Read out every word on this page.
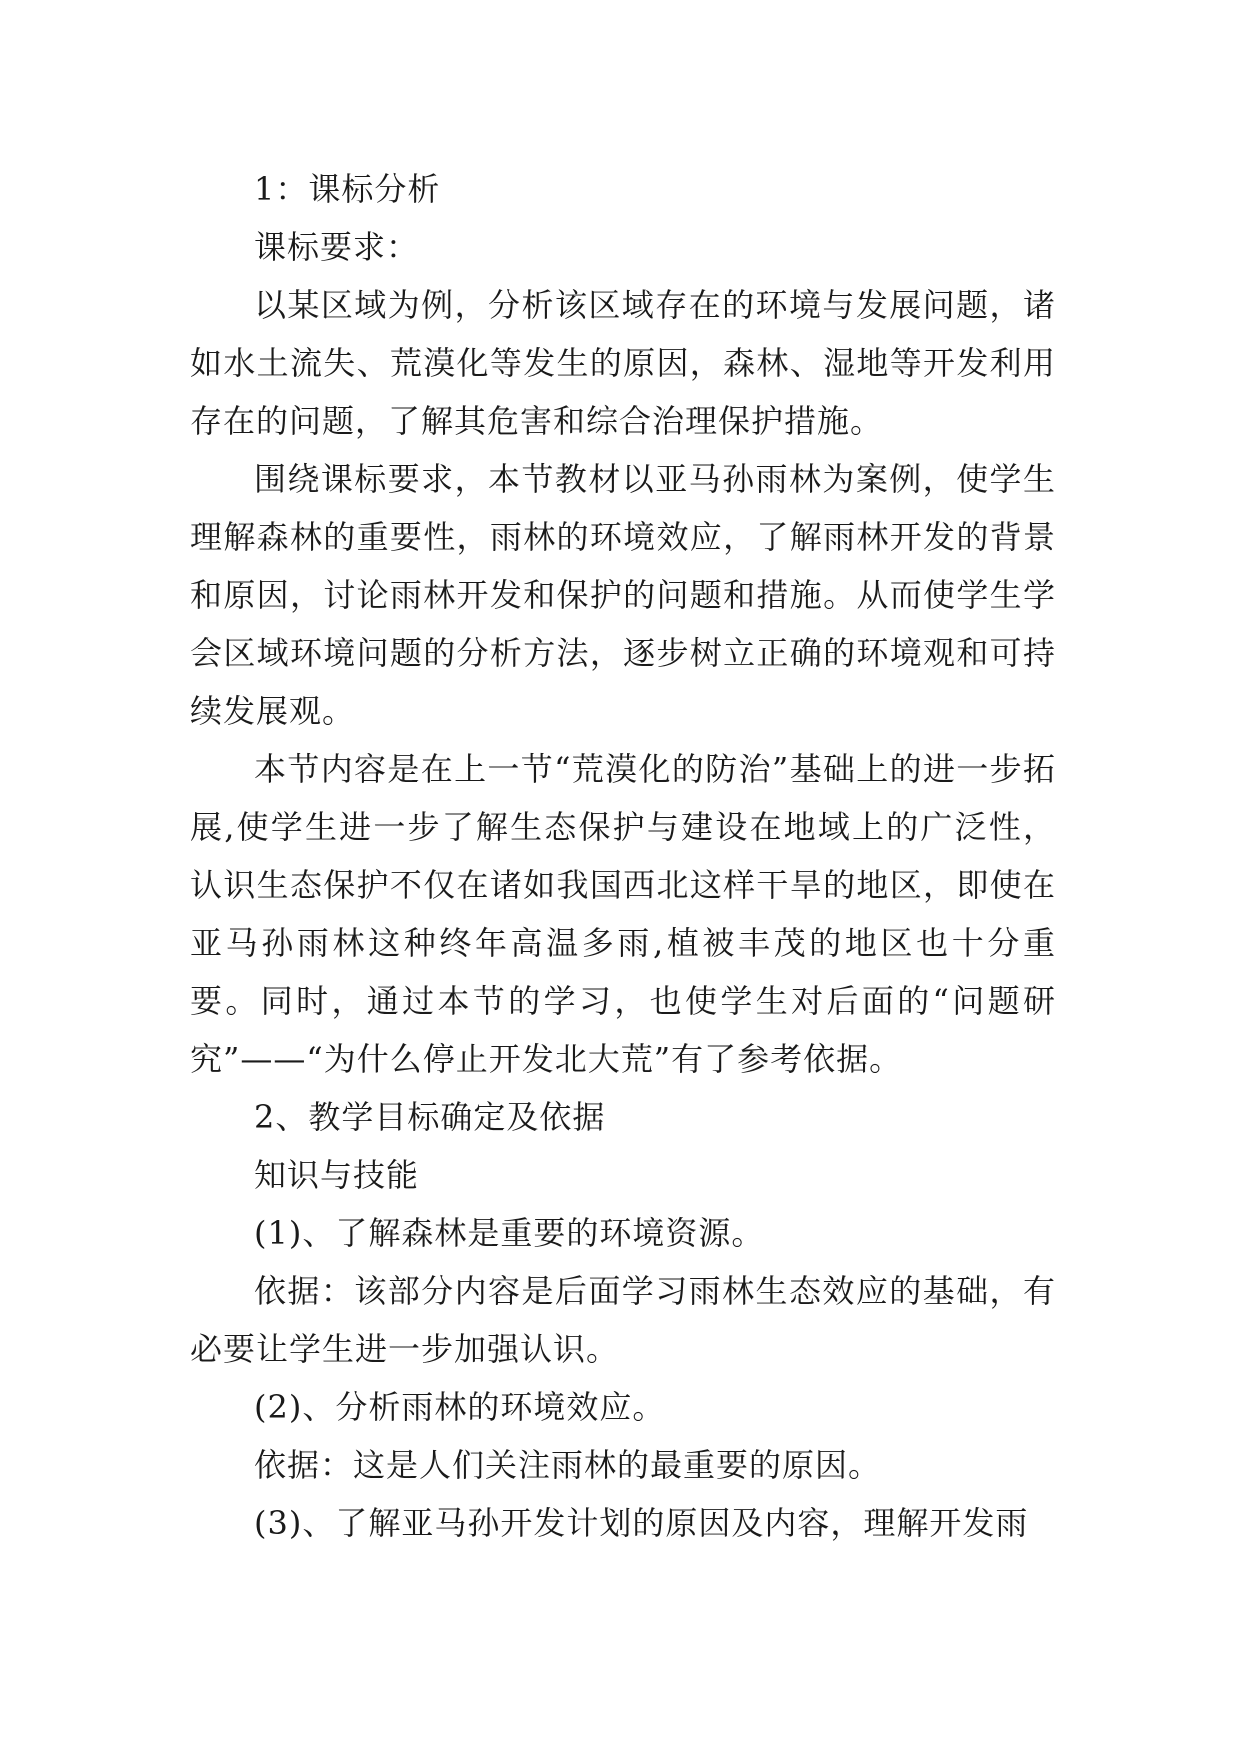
1：课标分析

课标要求：

以某区域为例，分析该区域存在的环境与发展问题，诸如水土流失、荒漠化等发生的原因，森林、湿地等开发利用存在的问题，了解其危害和综合治理保护措施。

围绕课标要求，本节教材以亚马孙雨林为案例，使学生理解森林的重要性，雨林的环境效应，了解雨林开发的背景和原因，讨论雨林开发和保护的问题和措施。从而使学生学会区域环境问题的分析方法，逐步树立正确的环境观和可持续发展观。

本节内容是在上一节“荒漠化的防治”基础上的进一步拓展,使学生进一步了解生态保护与建设在地域上的广泛性，认识生态保护不仅在诸如我国西北这样干旱的地区，即使在亚马孙雨林这种终年高温多雨,植被丰茂的地区也十分重要。同时，通过本节的学习，也使学生对后面的“问题研究”——“为什么停止开发北大荒”有了参考依据。

2、教学目标确定及依据

知识与技能

(1)、了解森林是重要的环境资源。

依据：该部分内容是后面学习雨林生态效应的基础，有必要让学生进一步加强认识。

(2)、分析雨林的环境效应。

依据：这是人们关注雨林的最重要的原因。

(3)、了解亚马孙开发计划的原因及内容，理解开发雨
